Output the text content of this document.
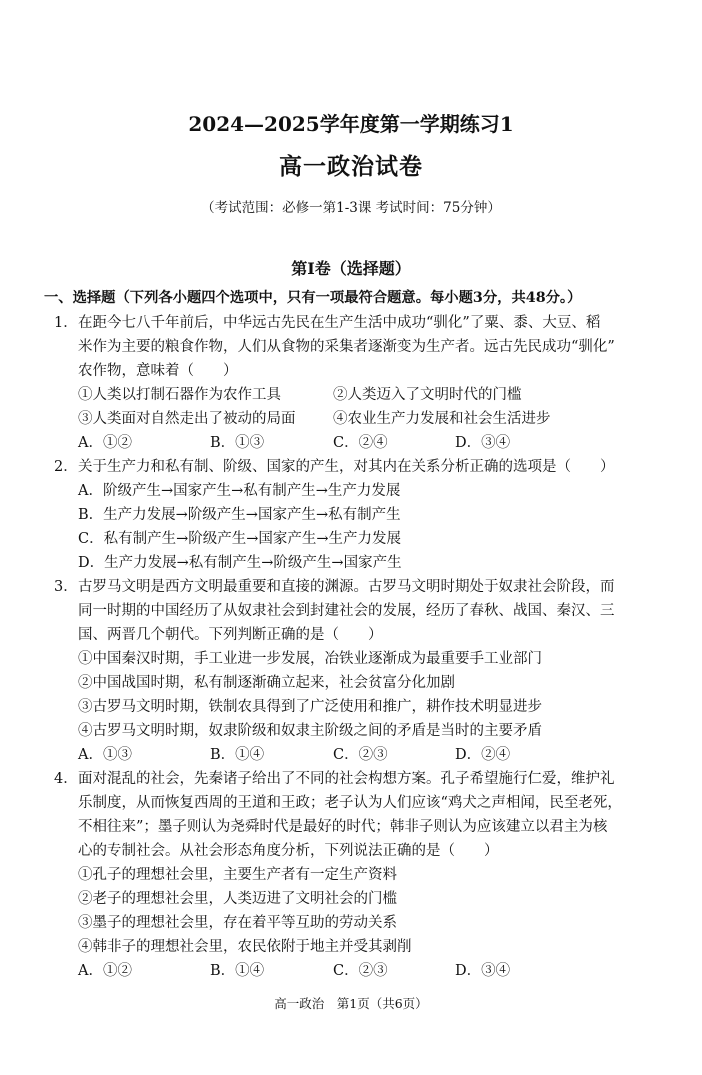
2024—2025学年度第一学期练习1
高一政治试卷
（考试范围：必修一第1-3课 考试时间：75分钟）
第Ⅰ卷（选择题）
一、选择题（下列各小题四个选项中，只有一项最符合题意。每小题3分，共48分。）
1． 在距今七八千年前后，中华远古先民在生产生活中成功“驯化”了粟、黍、大豆、稻
米作为主要的粮食作物，人们从食物的采集者逐渐变为生产者。远古先民成功“驯化”
农作物，意味着（　　）
①人类以打制石器作为农作工具	②人类迈入了文明时代的门槛
③人类面对自然走出了被动的局面	④农业生产力发展和社会生活进步
A．①②	B．①③	C．②④	D．③④
2． 关于生产力和私有制、阶级、国家的产生，对其内在关系分析正确的选项是（　　）
A．阶级产生→国家产生→私有制产生→生产力发展
B．生产力发展→阶级产生→国家产生→私有制产生
C．私有制产生→阶级产生→国家产生→生产力发展
D．生产力发展→私有制产生→阶级产生→国家产生
3． 古罗马文明是西方文明最重要和直接的渊源。古罗马文明时期处于奴隶社会阶段，而
同一时期的中国经历了从奴隶社会到封建社会的发展，经历了春秋、战国、秦汉、三
国、两晋几个朝代。下列判断正确的是（　　）
①中国秦汉时期，手工业进一步发展，冶铁业逐渐成为最重要手工业部门
②中国战国时期，私有制逐渐确立起来，社会贫富分化加剧
③古罗马文明时期，铁制农具得到了广泛使用和推广，耕作技术明显进步
④古罗马文明时期，奴隶阶级和奴隶主阶级之间的矛盾是当时的主要矛盾
A．①③	B．①④	C．②③	D．②④
4． 面对混乱的社会，先秦诸子给出了不同的社会构想方案。孔子希望施行仁爱，维护礼
乐制度，从而恢复西周的王道和王政；老子认为人们应该“鸡犬之声相闻，民至老死，
不相往来”；墨子则认为尧舜时代是最好的时代；韩非子则认为应该建立以君主为核
心的专制社会。从社会形态角度分析，下列说法正确的是（　　）
①孔子的理想社会里，主要生产者有一定生产资料
②老子的理想社会里，人类迈进了文明社会的门槛
③墨子的理想社会里，存在着平等互助的劳动关系
④韩非子的理想社会里，农民依附于地主并受其剥削
A．①②	B．①④	C．②③	D．③④
高一政治　第1页（共6页）
